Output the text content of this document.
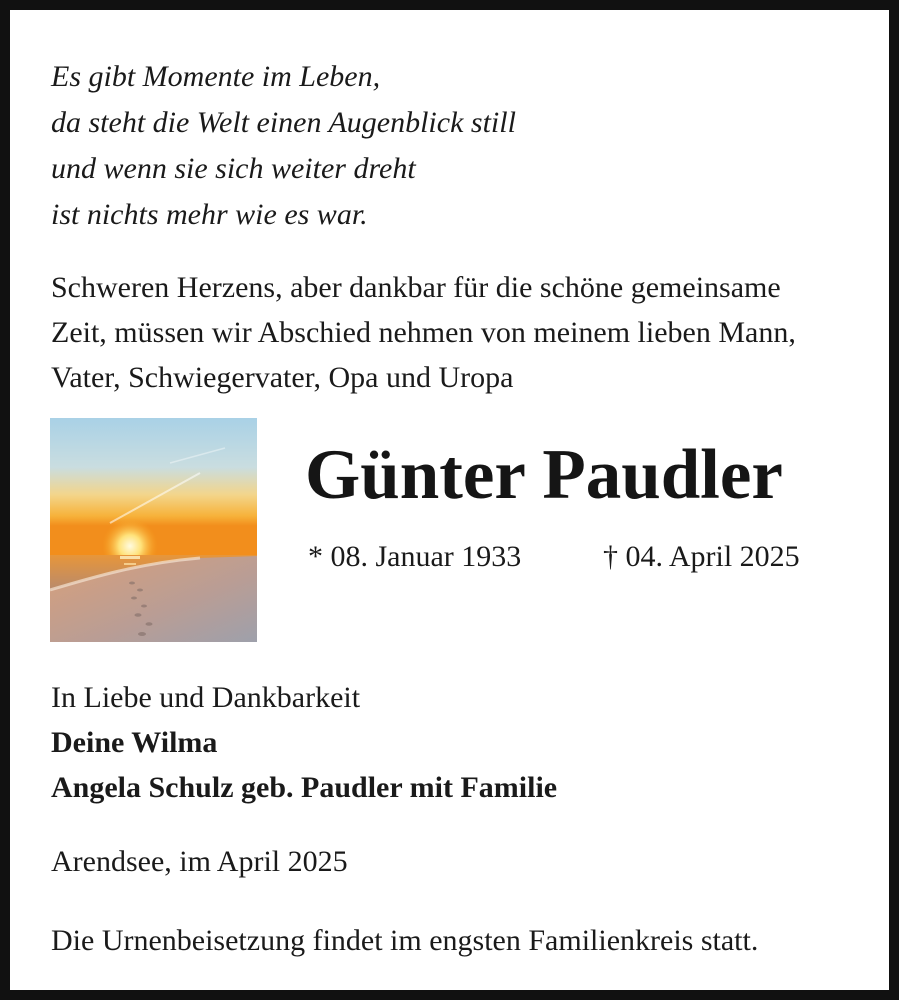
Es gibt Momente im Leben,
da steht die Welt einen Augenblick still
und wenn sie sich weiter dreht
ist nichts mehr wie es war.

Schweren Herzens, aber dankbar für die schöne gemeinsame
Zeit, müssen wir Abschied nehmen von meinem lieben Mann,
Vater, Schwiegervater, Opa und Uropa

Günter Paudler
* 08. Januar 1933	† 04. April 2025

In Liebe und Dankbarkeit
Deine Wilma
Angela Schulz geb. Paudler mit Familie

Arendsee, im April 2025

Die Urnenbeisetzung findet im engsten Familienkreis statt.
